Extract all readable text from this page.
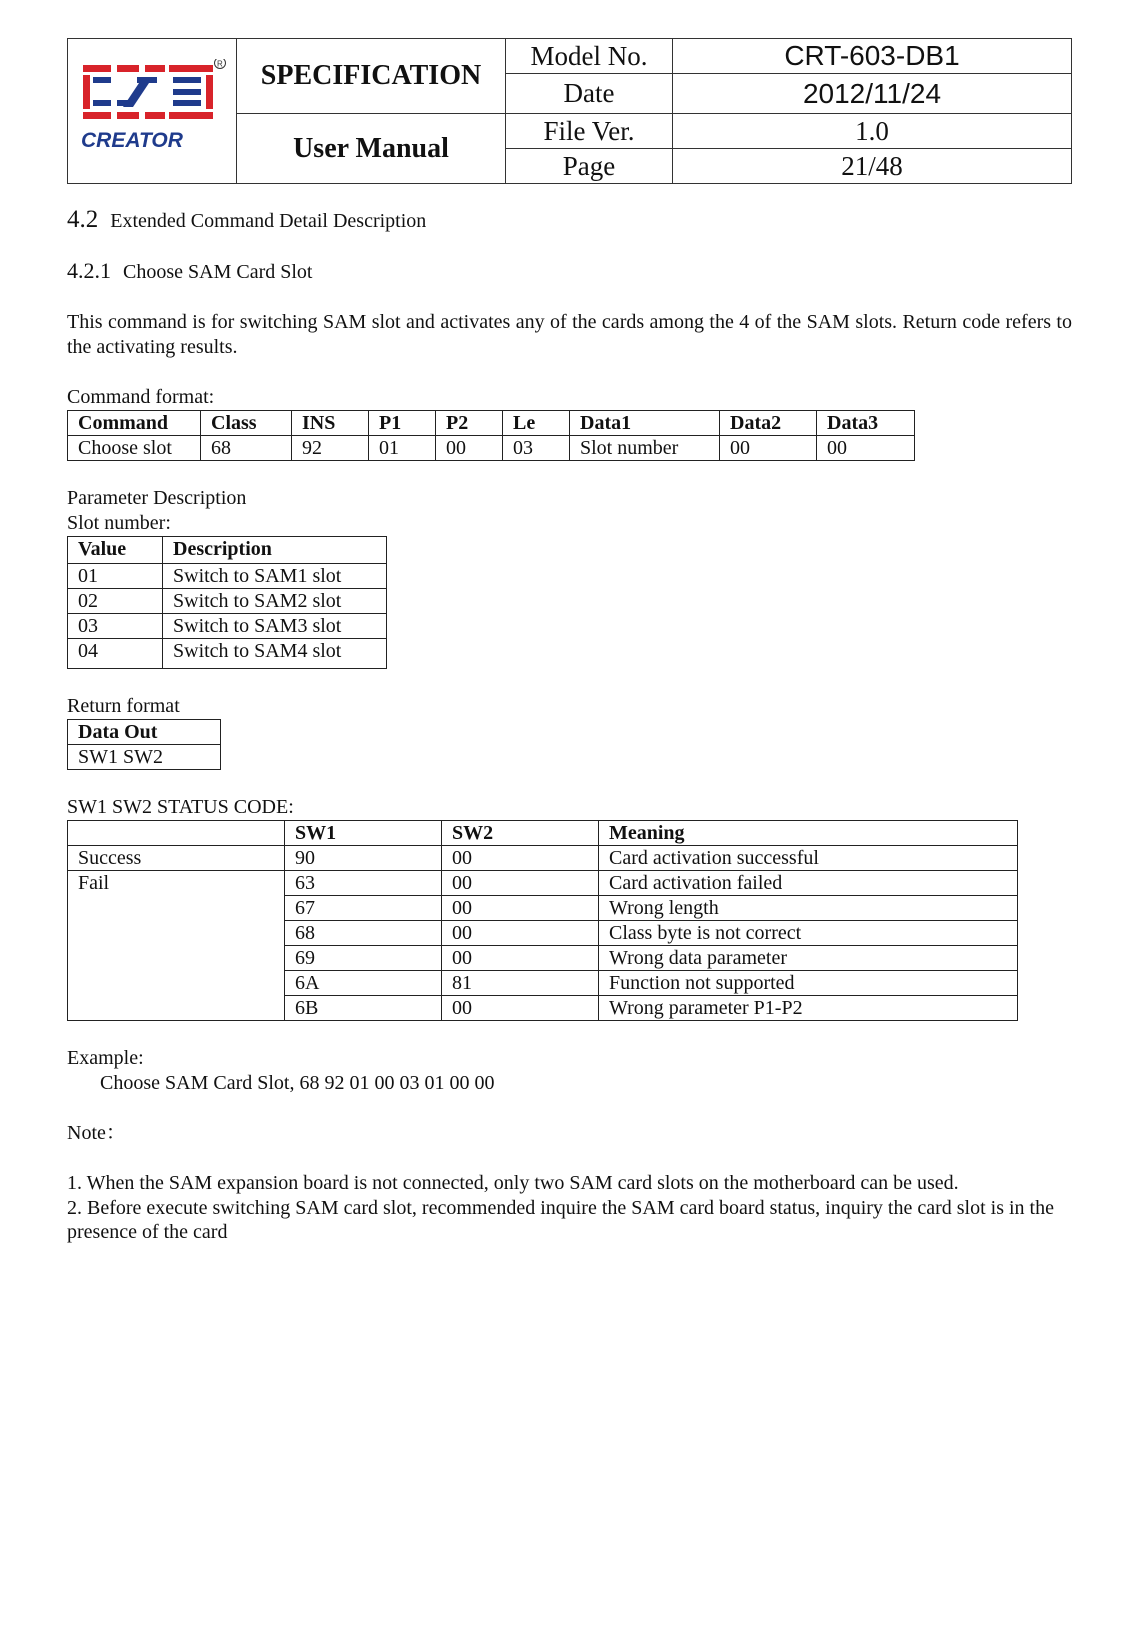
CREATOR
R	SPECIFICATION	Model No.	CRT-603-DB1
		Date	2012/11/24
	User Manual	File Ver.	1.0
		Page	21/48
4.2 Extended Command Detail Description
4.2.1 Choose SAM Card Slot
This command is for switching SAM slot and activates any of the cards among the 4 of the SAM slots. Return code refers to the activating results.
Command format:
Command	Class	INS	P1	P2	Le	Data1	Data2	Data3
Choose slot	68	92	01	00	03	Slot number	00	00
Parameter Description
Slot number:
Value	Description
01	Switch to SAM1 slot
02	Switch to SAM2 slot
03	Switch to SAM3 slot
04	Switch to SAM4 slot
Return format
Data Out
SW1 SW2
SW1 SW2 STATUS CODE:
	SW1	SW2	Meaning
Success	90	00	Card activation successful
Fail	63	00	Card activation failed
	67	00	Wrong length
	68	00	Class byte is not correct
	69	00	Wrong data parameter
	6A	81	Function not supported
	6B	00	Wrong parameter P1-P2
Example:
Choose SAM Card Slot, 68 92 01 00 03 01 00 00
Note：
1. When the SAM expansion board is not connected, only two SAM card slots on the motherboard can be used.
2. Before execute switching SAM card slot, recommended inquire the SAM card board status, inquiry the card slot is in the presence of the card
